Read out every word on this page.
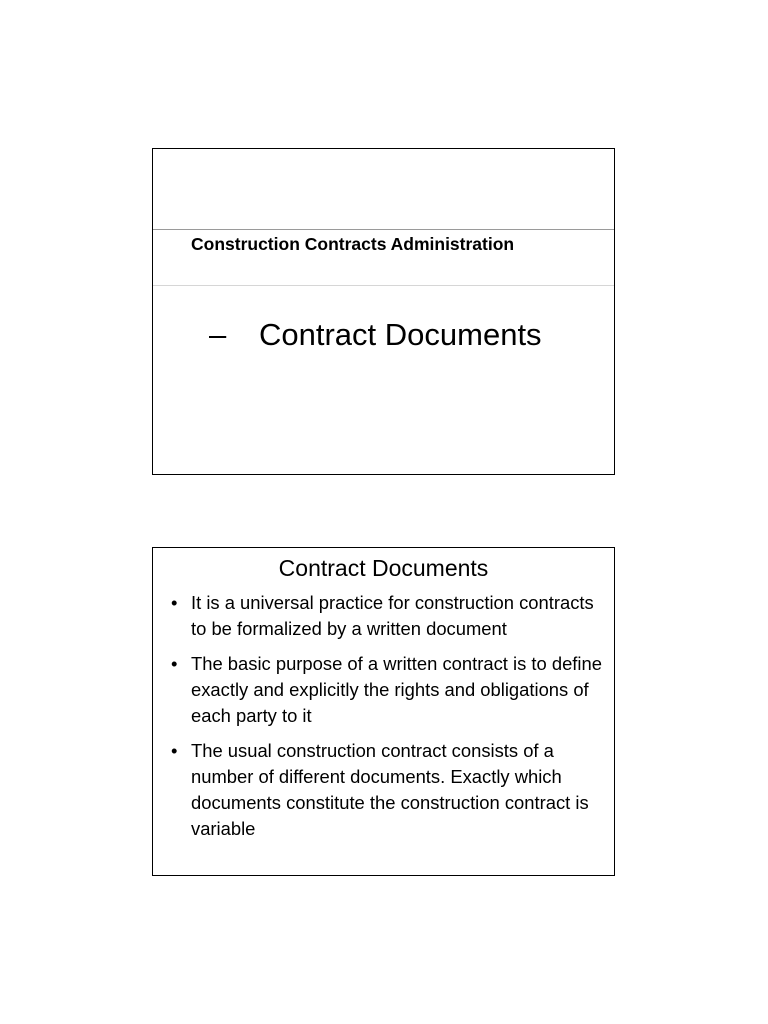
Construction Contracts Administration
– Contract Documents
Contract Documents
• It is a universal practice for construction contracts to be formalized by a written document
• The basic purpose of a written contract is to define exactly and explicitly the rights and obligations of each party to it
• The usual construction contract consists of a number of different documents. Exactly which documents constitute the construction contract is variable
